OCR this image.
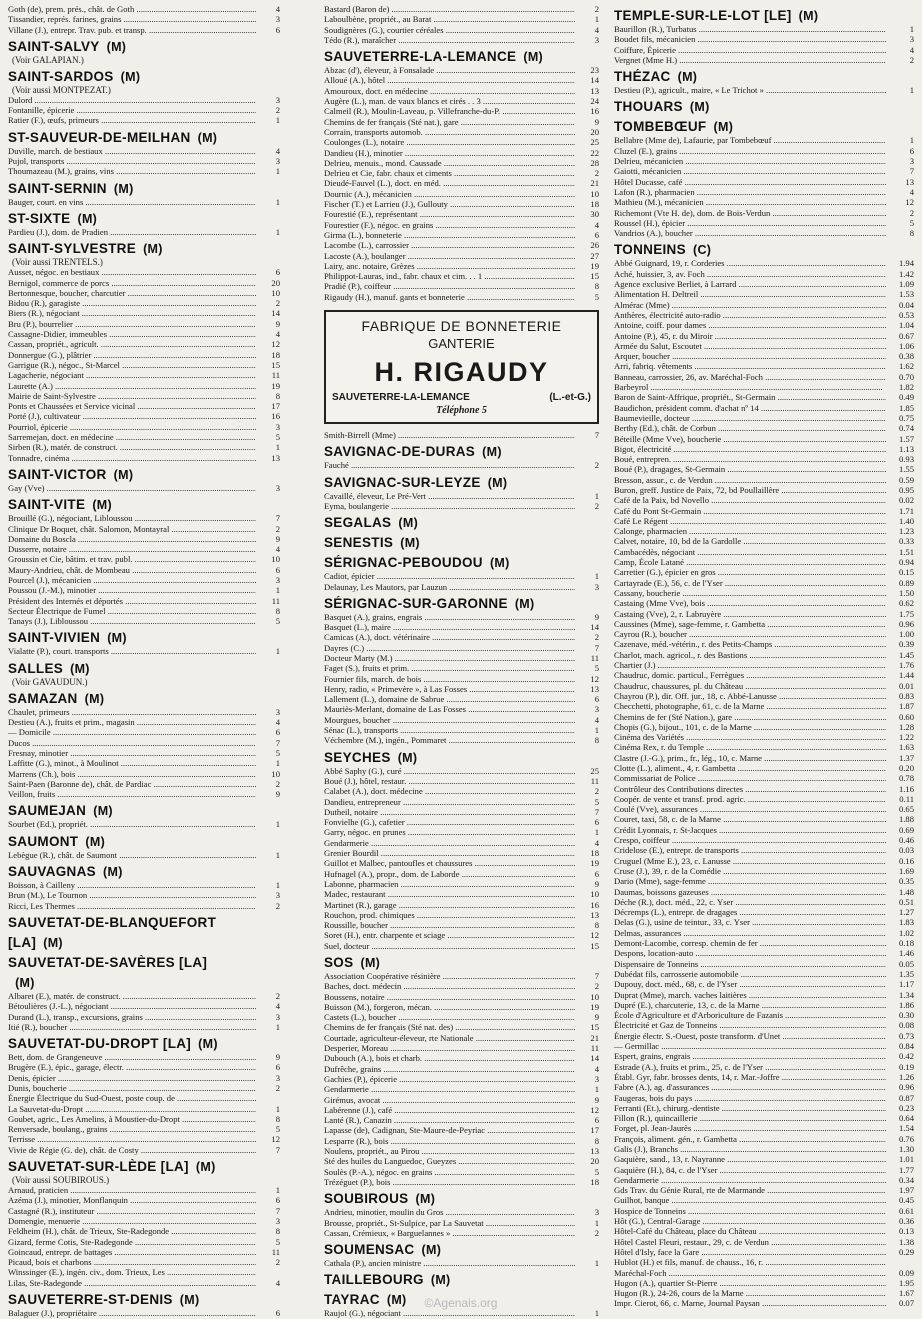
Goth (de), prem. prés., chât. de Goth .....	4
Tissandier, représ. farines, grains .....	3
Villane (J.), entrepr. Trav. pub. et transp. .....	6
SAINT-SALVY  (M)
(Voir GALAPIAN.)
SAINT-SARDOS  (M)
(Voir aussi MONTPEZAT.)
Dulord .....	3
Fontanille, épicerie .....	2
Ratier (F.), œufs, primeurs .....	1
ST-SAUVEUR-DE-MEILHAN  (M)
Duville, march. de bestiaux .....	4
Pujol, transports .....	3
Thoumazeau (M.), grains, vins .....	1
SAINT-SERNIN  (M)
Bauger, court. en vins .....	1
ST-SIXTE  (M)
Pardieu (J.), dom. de Pradien .....	1
SAINT-SYLVESTRE  (M)
(Voir aussi TRENTELS.)
Ausset, négoc. en bestiaux .....	6
Bernigol, commerce de porcs .....	20
Bertonnesque, boucher, charcutier .....	10
Bidou (R.), garagiste .....	2
Biers (R.), négociant .....	14
Bru (P.), bourrelier .....	9
Cassagne-Didier, immeubles .....	4
Cassan, propriét., agricult. .....	12
Donnergue (G.), plâtrier .....	18
Garrigue (R.), négoc., St-Marcel .....	15
Lagacherie, négociant .....	11
Laurette (A.) .....	19
Mairie de Saint-Sylvestre .....	8
Ponts et Chaussées et Service vicinal .....	17
Porté (J.), cultivateur .....	16
Pourriol, épicerie .....	3
Sarremejan, doct. en médecine .....	5
Sirben (R.), matér. de construct. .....	1
Tonnadre, cinéma .....	13
SAINT-VICTOR  (M)
Gay (Vve) .....	3
SAINT-VITE  (M)
Brouillé (G.), négociant, Libloussou .....	7
Clinique Dr Boquet, chât. Salomon, Montayral .....	2
Domaine du Boscla .....	9
Dusserre, notaire .....	4
Groussin et Cie, bâtim. et trav. publ. .....	10
Maury-Andrieu, chât. de Mombeau .....	6
Pourcel (J.), mécanicien .....	3
Poussou (J.-M.), minotier .....	1
Président des Internés et déportés .....	11
Secteur Électrique de Fumel .....	8
Tanays (J.), Libloussou .....	5
SAINT-VIVIEN  (M)
Vialatte (P.), court. transports .....	1
SALLES  (M)
(Voir GAVAUDUN.)
SAMAZAN  (M)
Chaulet, primeurs .....	3
Destieu (A.), fruits et prim., magasin .....	4
— Domicile .....	6
Ducos .....	7
Fresnay, minotier .....	5
Laffitte (G.), minot., à Moulinot .....	1
Marrens (Ch.), bois .....	10
Saint-Paen (Baronne de), chât. de Pardiac .....	2
Veillon, fruits .....	9
SAUMEJAN  (M)
Sourbet (Ed.), propriét. .....	1
SAUMONT  (M)
Lebègue (R.), chât. de Saumont .....	1
SAUVAGNAS  (M)
Boisson, à Cailleny .....	1
Brun (M.), Le Tournon .....	3
Ricci, Les Thermes .....	2
SAUVETAT-DE-BLANQUEFORT 
[LA]  (M)
SAUVETAT-DE-SAVÈRES [LA] 
 (M)
Albaret (E.), matér. de construct. .....	2
Bétoulières (J.-L.), négociant .....	4
Durand (L.), transp., excursions, grains .....	3
Itié (R.), boucher .....	1
SAUVETAT-DU-DROPT [LA]  (M)
Bett, dom. de Grangeneuve .....	9
Brugère (E.), épic., garage, électr. .....	6
Denis, épicier .....	3
Dunis, boucherie .....	2
Énergie Électrique du Sud-Ouest, poste coup. de .....
La Sauvetat-du-Dropt .....	1
Goubet, agric., Les Amelins, à Moustier-du-Dropt .....	8
Renversade, boulang., grains .....	5
Terrisse .....	12
Vivie de Régie (G. de), chât. de Costy .....	7
SAUVETAT-SUR-LÈDE [LA]  (M)
(Voir aussi SOUBIROUS.)
Arnaud, praticien .....	1
Azéma (J.), minotier, Monflanquin .....	6
Castagné (R.), instituteur .....	7
Domengie, menuerie .....	3
Feldheim (H.), chât. de Trieux, Ste-Radegonde .....	8
Gizard, ferme Cotis, Ste-Radegonde .....	5
Goincaud, entrepr. de battages .....	11
Picaud, bois et charbons .....	2
Winssinger (E.), ingén. civ., dom. Trieux, Les .....
Lilas, Ste-Radegonde .....	4
SAUVETERRE-ST-DENIS  (M)
Balaguer (J.), propriétaire .....	6
Bastard (Baron de) .....	2
Laboulbène, propriét., au Barat .....	1
Soudignères (G.), courtier céréales .....	4
Tédo (R.), maraîcher .....	3
SAUVETERRE-LA-LEMANCE  (M)
Abzac (d'), éleveur, à Fonsalade .....	23
Alloué (A.), hôtel .....	14
Amouroux, doct. en médecine .....	13
Augère (L.), man. de vaux blancs et cirés . . 3 .....	24
Calmeil (R.), Moulin-Laveau, p. Villefranche-du-P. .....	16
Chemins de fer français (Sté nat.), gare .....	9
Corrain, transports automob. .....	20
Coulonges (L.), notaire .....	25
Dandieu (H.), minotier .....	22
Delrieu, menuis., mond. Caussade .....	28
Delrieu et Cie, fabr. chaux et ciments .....	2
Dieudé-Fauvel (L.), doct. en méd. .....	21
Dournic (A.), mécanicien .....	10
Fischer (T.) et Larrieu (J.), Gullouty .....	18
Fourestié (E.), représentant .....	30
Fourestier (F.), négoc. en grains .....	4
Girma (L.), bonneterie .....	6
Lacombe (L.), carrossier .....	26
Lacoste (A.), boulanger .....	27
Lairy, anc. notaire, Grèzes .....	19
Philippot-Lauras, ind., fabr. chaux et cim. . . 1 .....	15
Pradié (P.), coiffeur .....	8
Rigaudy (H.), manuf. gants et bonneterie .....	5
FABRIQUE DE BONNETERIE
GANTERIE
H. RIGAUDY
SAUVETERRE-LA-LEMANCE	(L.-et-G.)
Téléphone 5
Smith-Birrell (Mme) .....	7
SAVIGNAC-DE-DURAS  (M)
Fauché .....	2
SAVIGNAC-SUR-LEYZE  (M)
Cavaillé, éleveur, Le Pré-Vert .....	1
Eyma, boulangerie .....	2
SEGALAS  (M)
SENESTIS  (M)
SÉRIGNAC-PEBOUDOU  (M)
Cadiot, épicier .....	1
Delaunay, Les Mautors, par Lauzun .....	3
SÉRIGNAC-SUR-GARONNE  (M)
Basquet (A.), grains, engrais .....	9
Basquet (L.), maire .....	14
Camicas (A.), doct. vétérinaire .....	2
Dayres (C.) .....	7
Docteur Marty (M.) .....	11
Faget (S.), fruits et prim. .....	5
Fournier fils, march. de bois .....	12
Henry, radio, « Primevère », à Las Fosses .....	13
Lallement (L.), domaine de Sabrue .....	6
Mauriès-Merlant, domaine de Las Fosses .....	3
Mourgues, boucher .....	4
Sénac (L.), transports .....	1
Véchembre (M.), ingén., Pommaret .....	8
SEYCHES  (M)
Abbé Saphy (G.), curé .....	25
Boué (J.), hôtel, restaur. .....	11
Calabet (A.), doct. médecine .....	2
Dandieu, entrepreneur .....	5
Dutheil, notaire .....	7
Fonvielhe (G.), cafetier .....	6
Garry, négoc. en prunes .....	1
Gendarmerie .....	4
Grenier Bourdil .....	18
Guillot et Malbec, pantoufles et chaussures .....	19
Hufnagel (A.), propr., dom. de Laborde .....	6
Labonne, pharmacien .....	9
Madec, restaurant .....	10
Martinet (R.), garage .....	16
Rouchon, prod. chimiques .....	13
Roussille, boucher .....	8
Soret (H.), entr. charpente et sciage .....	12
Suel, docteur .....	15
SOS  (M)
Association Coopérative résinière .....	7
Baches, doct. médecin .....	2
Boussens, notaire .....	10
Buisson (M.), forgeron, mécan. .....	19
Castets (L.), boucher .....	9
Chemins de fer français (Sté nat. des) .....	15
Courtade, agriculteur-éleveur, rte Nationale .....	21
Desperier, Moreau .....	11
Dubouch (A.), bois et charb. .....	14
Dufrêche, grains .....	4
Gachies (P.), épicerie .....	3
Gendarmerie .....	1
Girémus, avocat .....	9
Labérenne (J.), café .....	12
Lanté (R.), Canazin .....	6
Lapasse (de), Cadignan, Ste-Maure-de-Peyriac .....	17
Lesparre (R.), bois .....	8
Noulens, propriét., au Pirou .....	13
Sté des huiles du Languedoc, Gueyzes .....	20
Soulès (P.-A.), négoc. en grains .....	5
Trézéguet (P.), bois .....	18
SOUBIROUS  (M)
Andrieu, minotier, moulin du Gros .....	3
Brousse, propriét., St-Sulpice, par La Sauvetat .....	1
Cassan, Crémieux, « Barguelannes » .....	2
SOUMENSAC  (M)
Cathala (P.), ancien ministre .....	1
TAILLEBOURG  (M)
TAYRAC  (M)
Raujol (G.), négociant .....	1
TEMPLE-SUR-LE-LOT [LE]  (M)
Baurillon (R.), Turbatus .....	1
Boudet fils, mécanicien .....	3
Coiffure, Épicerie .....	4
Vergnet (Mme H.) .....	2
THÉZAC  (M)
Destieu (P.), agricult., maire, « Le Trichot » .....	1
THOUARS  (M)
TOMBEBŒUF  (M)
Bellabre (Mme de), Lafaurie, par Tombebœuf .....	1
Cluzel (E.), grains .....	6
Delrieu, mécanicien .....	3
Gaiotti, mécanicien .....	7
Hôtel Ducasse, café .....	13
Lafon (R.), pharmacien .....	4
Mathieu (M.), mécanicien .....	12
Richemont (Vte H. de), dom. de Bois-Verdun .....	2
Roussel (H.), épicier .....	5
Vandrios (A.), boucher .....	8
TONNEINS  (C)
Abbé Guignard, 19, r. Corderies .....	1.94
Aché, huissier, 3, av. Foch .....	1.42
Agence exclusive Berliet, à Larrard .....	1.09
Alimentation H. Deltreil .....	1.53
Almérac (Mme) .....	0.04
Anthères, électricité auto-radio .....	0.53
Antoine, coiff. pour dames .....	1.04
Antoine (P.), 45, r. du Miroir .....	0.67
Armée du Salut, Escoutet .....	1.06
Arquer, boucher .....	0.38
Arri, fabriq. vêtements .....	1.62
Banneau, carrossier, 26, av. Maréchal-Foch .....	0.70
Barbeyrol .....	1.82
Baron de Saint-Affrique, propriét., St-Germain .....	0.49
Baudichon, président comm. d'achat nº 14 .....	1.85
Baumevieille, docteur .....	0.75
Berthy (Ed.), chât. de Corbun .....	0.74
Béteille (Mme Vve), boucherie .....	1.57
Bigot, électricité .....	1.13
Boué, entrepren. .....	0.93
Boué (P.), dragages, St-Germain .....	1.55
Bresson, assur., c. de Verdun .....	0.59
Buron, greff. Justice de Paix, 72, bd Poullaillère .....	0.95
Café de la Paix, bd Novello .....	0.02
Café du Pont St-Germain .....	1.71
Café Le Régent .....	1.40
Calonge, pharmacien .....	1.23
Calvet, notaire, 10, bd de la Gardolle .....	0.33
Cambacédès, négociant .....	1.51
Camp, École Latané .....	0.94
Carretier (G.), épicier en gros .....	0.15
Cartayrade (E.), 56, c. de l'Yser .....	0.89
Cassany, boucherie .....	1.50
Castaing (Mme Vve), bois .....	0.62
Castaing (Vve), 2, r. Labruyère .....	1.75
Caussines (Mme), sage-femme, r. Gambetta .....	0.96
Cayrou (R.), boucher .....	1.00
Cazenave, méd.-vétérin., r. des Petits-Champs .....	0.39
Charlot, mach. agricol., r. des Bastions .....	1.45
Chartier (J.) .....	1.76
Chaudruc, domic. particul., Ferrègues .....	1.44
Chaudruc, chaussures, pl. du Château .....	0.01
Chayrou (P.), dir. Off. jur., 18, c. Abbé-Lanusse .....	0.83
Checchetti, photographe, 61, c. de la Marne .....	1.87
Chemins de fer (Sté Nation.), gare .....	0.60
Chopis (G.), bijout., 101, c. de la Marne .....	1.28
Cinéma des Variétés .....	1.22
Cinéma Rex, r. du Temple .....	1.63
Clastre (J.-G.), prim., fr., lég., 10, c. Marne .....	1.37
Clotte (L.), aliment., 4, r. Gambetta .....	0.20
Commissariat de Police .....	0.78
Contrôleur des Contributions directes .....	1.16
Coopér. de vente et transf. prod. agric. .....	0.11
Coulé (Vve), assurances .....	0.65
Couret, taxi, 58, c. de la Marne .....	1.88
Crédit Lyonnais, r. St-Jacques .....	0.69
Crespo, coiffeur .....	0.46
Cridelose (E.), entrepr. de transports .....	0.03
Cruguel (Mme E.), 23, c. Lanusse .....	0.16
Cruse (J.), 39, r. de la Comédie .....	1.69
Dario (Mme), sage-femme .....	0.35
Daumas, boissons gazeuses .....	1.48
Déche (R.), doct. méd., 22, c. Yser .....	0.51
Décremps (L.), entrepr. de dragages .....	1.27
Delas (G.), usine de teintur., 33, c. Yser .....	1.83
Delmas, assurances .....	1.02
Demont-Lacombe, corresp. chemin de fer .....	0.18
Despons, location-auto .....	1.46
Dispensaire de Tonneins .....	0.05
Dubédat fils, carrosserie automobile .....	1.35
Dupouy, doct. méd., 68, c. de l'Yser .....	1.17
Duprat (Mme), march. vaches laitières .....	1.34
Dupré (E.), charcuterie, 13, c. de la Marne .....	1.86
École d'Agriculture et d'Arboriculture de Fazanis .....	0.30
Électricité et Gaz de Tonneins .....	0.08
Énergie électr. S.-Ouest, poste transform. d'Unet .....	0.73
— Germillac .....	0.84
Espert, grains, engrais .....	0.42
Estrade (A.), fruits et prim., 25, c. de l'Yser .....	0.19
Établ. Gyr, fabr. brosses dents, 14, r. Mar.-Joffre .....	1.26
Fabre (A.), ag. d'assurances .....	0.96
Faugeras, bois du pays .....	0.87
Ferranti (Et.), chirurg.-dentiste .....	0.23
Fillon (R.), quincaillerie .....	0.64
Forget, pl. Jean-Jaurès .....	1.54
François, aliment. gén., r. Gambetta .....	0.76
Galis (J.), Branchs .....	1.30
Gaquière, sand., 13, r. Nayranne .....	1.01
Gaquière (H.), 84, c. de l'Yser .....	1.77
Gendarmerie .....	0.34
Gds Trav. du Génie Rural, rte de Marmande .....	1.97
Guilhot, banque .....	0.45
Hospice de Tonneins .....	0.61
Hôt (G.), Central-Garage .....	0.36
Hôtel-Café du Château, place du Château .....	0.13
Hôtel Castel Fleuri, restaur., 29, c. de Verdun .....	1.38
Hôtel d'Isly, face la Gare .....	0.29
Hublot (H.) et fils, manuf. de chauss., 16, r. .....
Maréchal-Foch .....	0.09
Hugon (A.), quartier St-Pierre .....	1.95
Hugon (R.), 24-26, cours de la Marne .....	1.67
Impr. Cierot, 66, c. Marne, Journal Paysan .....	0.07
©Agenais.org
